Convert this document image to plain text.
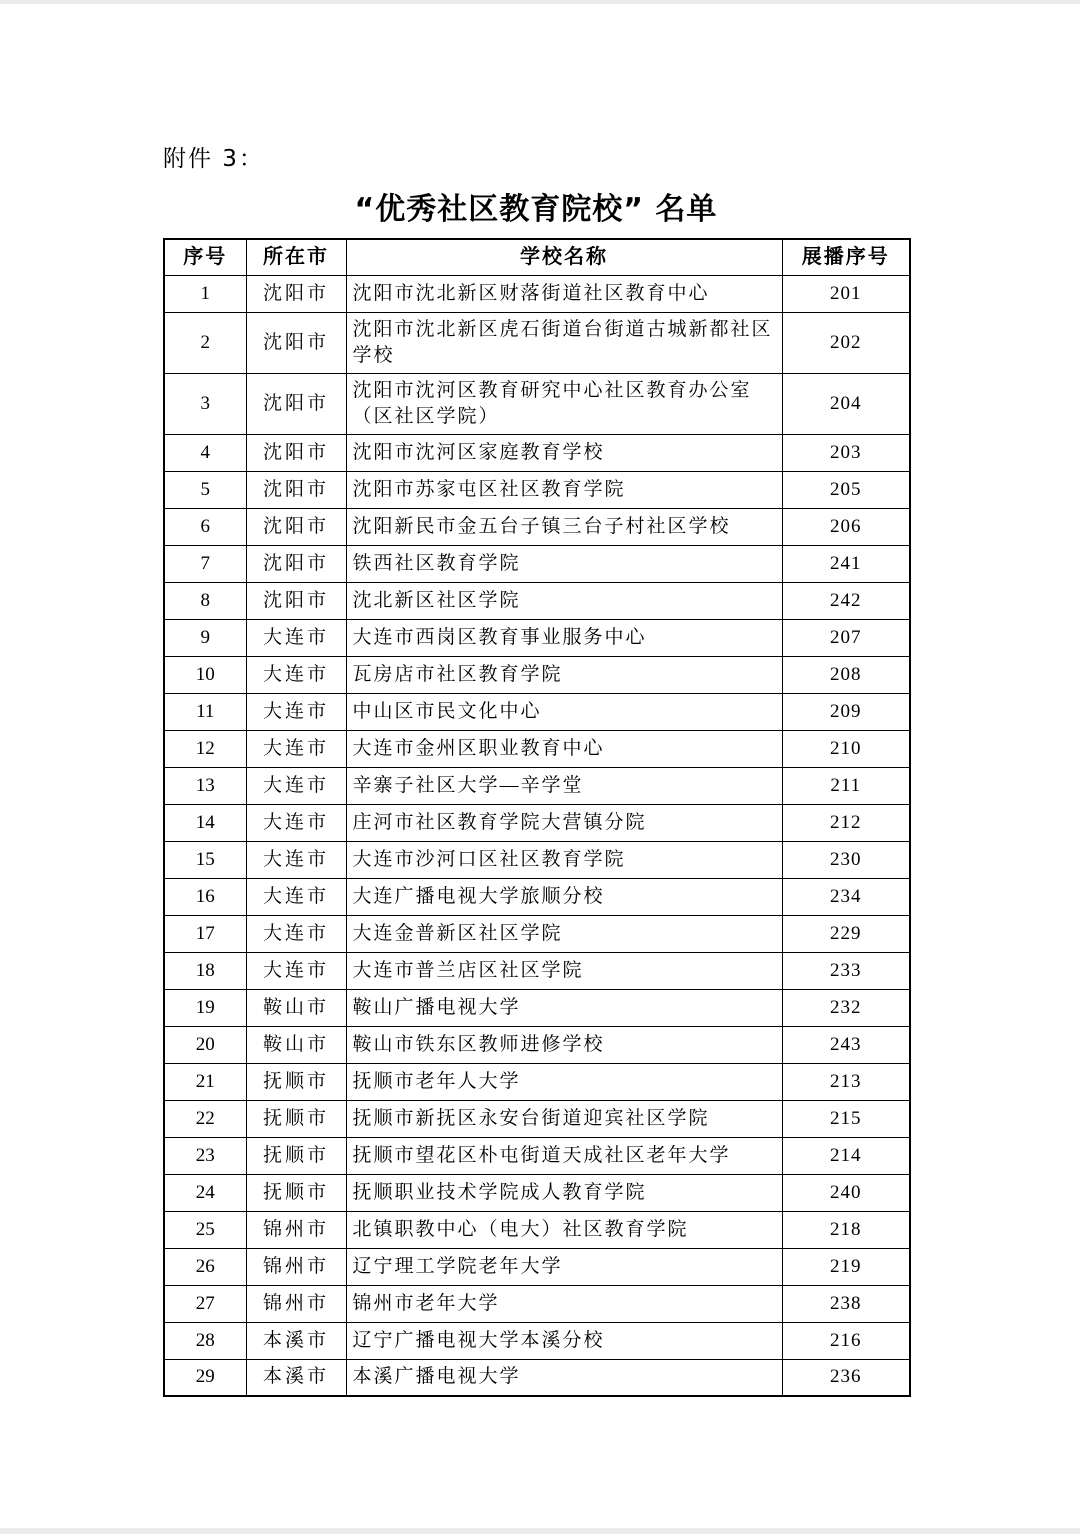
附件 3：
“优秀社区教育院校” 名单
序号	所在市	学校名称	展播序号
1	沈阳市	沈阳市沈北新区财落街道社区教育中心	201
2	沈阳市	沈阳市沈北新区虎石街道台街道古城新都社区学校	202
3	沈阳市	沈阳市沈河区教育研究中心社区教育办公室（区社区学院）	204
4	沈阳市	沈阳市沈河区家庭教育学校	203
5	沈阳市	沈阳市苏家屯区社区教育学院	205
6	沈阳市	沈阳新民市金五台子镇三台子村社区学校	206
7	沈阳市	铁西社区教育学院	241
8	沈阳市	沈北新区社区学院	242
9	大连市	大连市西岗区教育事业服务中心	207
10	大连市	瓦房店市社区教育学院	208
11	大连市	中山区市民文化中心	209
12	大连市	大连市金州区职业教育中心	210
13	大连市	辛寨子社区大学—辛学堂	211
14	大连市	庄河市社区教育学院大营镇分院	212
15	大连市	大连市沙河口区社区教育学院	230
16	大连市	大连广播电视大学旅顺分校	234
17	大连市	大连金普新区社区学院	229
18	大连市	大连市普兰店区社区学院	233
19	鞍山市	鞍山广播电视大学	232
20	鞍山市	鞍山市铁东区教师进修学校	243
21	抚顺市	抚顺市老年人大学	213
22	抚顺市	抚顺市新抚区永安台街道迎宾社区学院	215
23	抚顺市	抚顺市望花区朴屯街道天成社区老年大学	214
24	抚顺市	抚顺职业技术学院成人教育学院	240
25	锦州市	北镇职教中心（电大）社区教育学院	218
26	锦州市	辽宁理工学院老年大学	219
27	锦州市	锦州市老年大学	238
28	本溪市	辽宁广播电视大学本溪分校	216
29	本溪市	本溪广播电视大学	236
